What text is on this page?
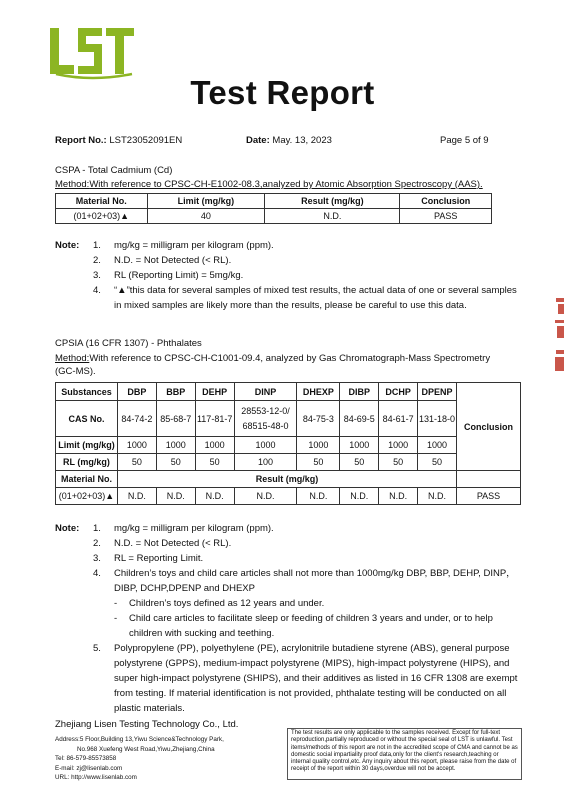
Test Report
Report No.: LST23052091EN	Date: May. 13, 2023	Page 5 of 9
CSPA - Total Cadmium (Cd)
Method:With reference to CPSC-CH-E1002-08.3,analyzed by Atomic Absorption Spectroscopy (AAS).
Material No.	Limit (mg/kg)	Result (mg/kg)	Conclusion
(01+02+03)▲	40	N.D.	PASS
Note: 1. mg/kg = milligram per kilogram (ppm).
2. N.D. = Not Detected (< RL).
3. RL (Reporting Limit) = 5mg/kg.
4. “▲”this data for several samples of mixed test results, the actual data of one or several samples in mixed samples are likely more than the results, please be careful to use this data.
CPSIA (16 CFR 1307) - Phthalates
Method:With reference to CPSC-CH-C1001-09.4, analyzed by Gas Chromatograph-Mass Spectrometry (GC-MS).
Substances	DBP	BBP	DEHP	DINP	DHEXP	DIBP	DCHP	DPENP	Conclusion
CAS No.	84-74-2	85-68-7	117-81-7	28553-12-0/
68515-48-0	84-75-3	84-69-5	84-61-7	131-18-0	
Limit (mg/kg)	1000	1000	1000	1000	1000	1000	1000	1000	
RL (mg/kg)	50	50	50	100	50	50	50	50	
Material No.	Result (mg/kg)								
(01+02+03)▲	N.D.	N.D.	N.D.	N.D.	N.D.	N.D.	N.D.	N.D.	PASS
Note: 1. mg/kg = milligram per kilogram (ppm).
2. N.D. = Not Detected (< RL).
3. RL = Reporting Limit.
4. Children’s toys and child care articles shall not more than 1000mg/kg DBP, BBP, DEHP, DINP，DIBP, DCHP,DPENP and DHEXP
- Children’s toys defined as 12 years and under.
- Child care articles to facilitate sleep or feeding of children 3 years and under, or to help children with sucking and teething.
5. Polypropylene (PP), polyethylene (PE), acrylonitrile butadiene styrene (ABS), general purpose polystyrene (GPPS), medium-impact polystyrene (MIPS), high-impact polystyrene (HIPS), and super high-impact polystyrene (SHIPS), and their additives as listed in 16 CFR 1308 are exempt from testing. If material identification is not provided, phthalate testing will be conducted on all plastic materials.
Zhejiang Lisen Testing Technology Co., Ltd.
Address:5 Floor,Building 13,Yiwu Science&Technology Park,
No.968 Xuefeng West Road,Yiwu,Zhejiang,China
Tel: 86-579-85573858
E-mail: zj@lisenlab.com
URL: http://www.lisenlab.com
The test results are only applicable to the samples received. Except for full-text reproduction,partially reproduced or without the special seal of LST is unlawful. Test items/methods of this report are not in the accredited scope of CMA and cannot be as domestic social impartiality proof data,only for the client's research,teaching or internal quality control,etc. Any inquiry about this report, please raise from the date of receipt of the report within 30 days,overdue will not be accept.
